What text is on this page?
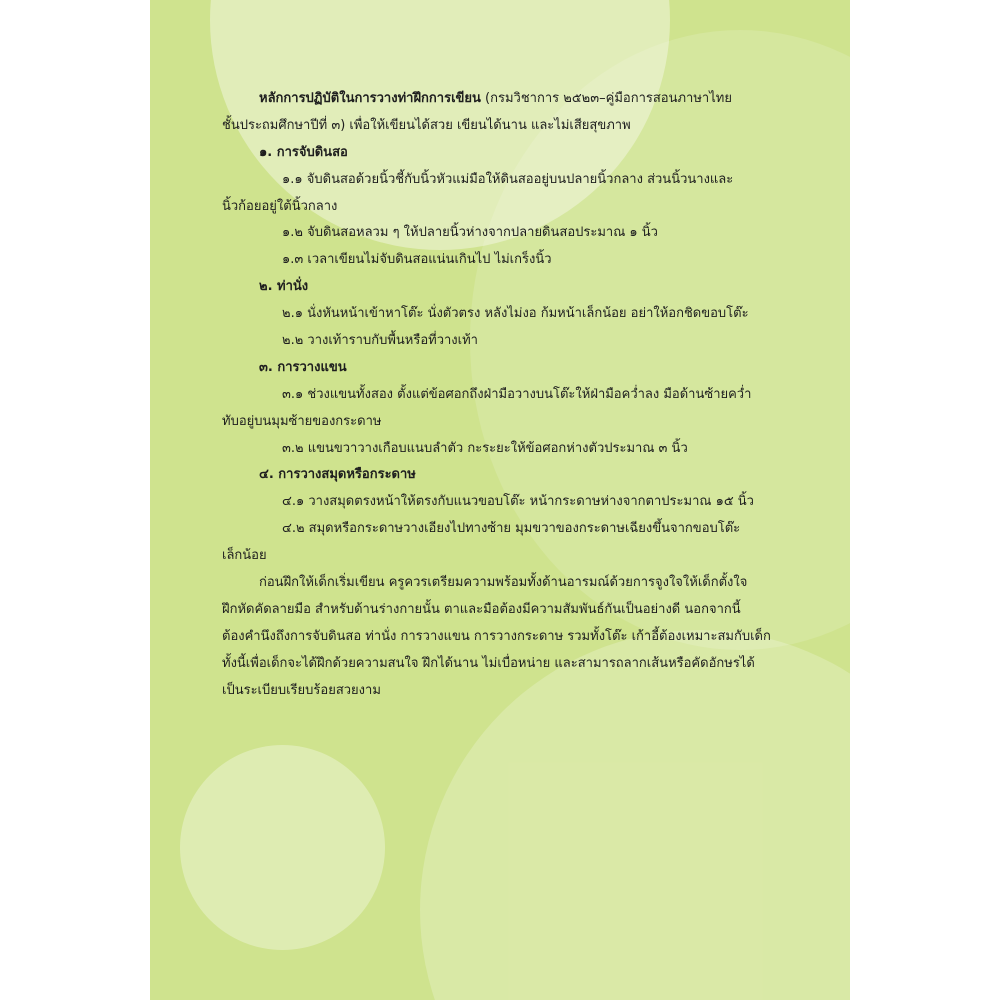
หลักการปฏิบัติในการวางท่าฝึกการเขียน (กรมวิชาการ ๒๕๒๓–คู่มือการสอนภาษาไทย
ชั้นประถมศึกษาปีที่ ๓) เพื่อให้เขียนได้สวย เขียนได้นาน และไม่เสียสุขภาพ
๑. การจับดินสอ
๑.๑ จับดินสอด้วยนิ้วชี้กับนิ้วหัวแม่มือให้ดินสออยู่บนปลายนิ้วกลาง ส่วนนิ้วนางและ
นิ้วก้อยอยู่ใต้นิ้วกลาง
๑.๒ จับดินสอหลวม ๆ ให้ปลายนิ้วห่างจากปลายดินสอประมาณ ๑ นิ้ว
๑.๓ เวลาเขียนไม่จับดินสอแน่นเกินไป ไม่เกร็งนิ้ว
๒. ท่านั่ง
๒.๑ นั่งหันหน้าเข้าหาโต๊ะ นั่งตัวตรง หลังไม่งอ ก้มหน้าเล็กน้อย อย่าให้อกชิดขอบโต๊ะ
๒.๒ วางเท้าราบกับพื้นหรือที่วางเท้า
๓. การวางแขน
๓.๑ ช่วงแขนทั้งสอง ตั้งแต่ข้อศอกถึงฝ่ามือวางบนโต๊ะให้ฝ่ามือคว่ำลง มือด้านซ้ายคว่ำ
ทับอยู่บนมุมซ้ายของกระดาษ
๓.๒ แขนขวาวางเกือบแนบลำตัว กะระยะให้ข้อศอกห่างตัวประมาณ ๓ นิ้ว
๔. การวางสมุดหรือกระดาษ
๔.๑ วางสมุดตรงหน้าให้ตรงกับแนวขอบโต๊ะ หน้ากระดาษห่างจากตาประมาณ ๑๕ นิ้ว
๔.๒ สมุดหรือกระดาษวางเอียงไปทางซ้าย มุมขวาของกระดาษเฉียงขึ้นจากขอบโต๊ะ
เล็กน้อย
ก่อนฝึกให้เด็กเริ่มเขียน ครูควรเตรียมความพร้อมทั้งด้านอารมณ์ด้วยการจูงใจให้เด็กตั้งใจ
ฝึกหัดคัดลายมือ สำหรับด้านร่างกายนั้น ตาและมือต้องมีความสัมพันธ์กันเป็นอย่างดี นอกจากนี้
ต้องคำนึงถึงการจับดินสอ ท่านั่ง การวางแขน การวางกระดาษ รวมทั้งโต๊ะ เก้าอี้ต้องเหมาะสมกับเด็ก
ทั้งนี้เพื่อเด็กจะได้ฝึกด้วยความสนใจ ฝึกได้นาน ไม่เบื่อหน่าย และสามารถลากเส้นหรือคัดอักษรได้
เป็นระเบียบเรียบร้อยสวยงาม
